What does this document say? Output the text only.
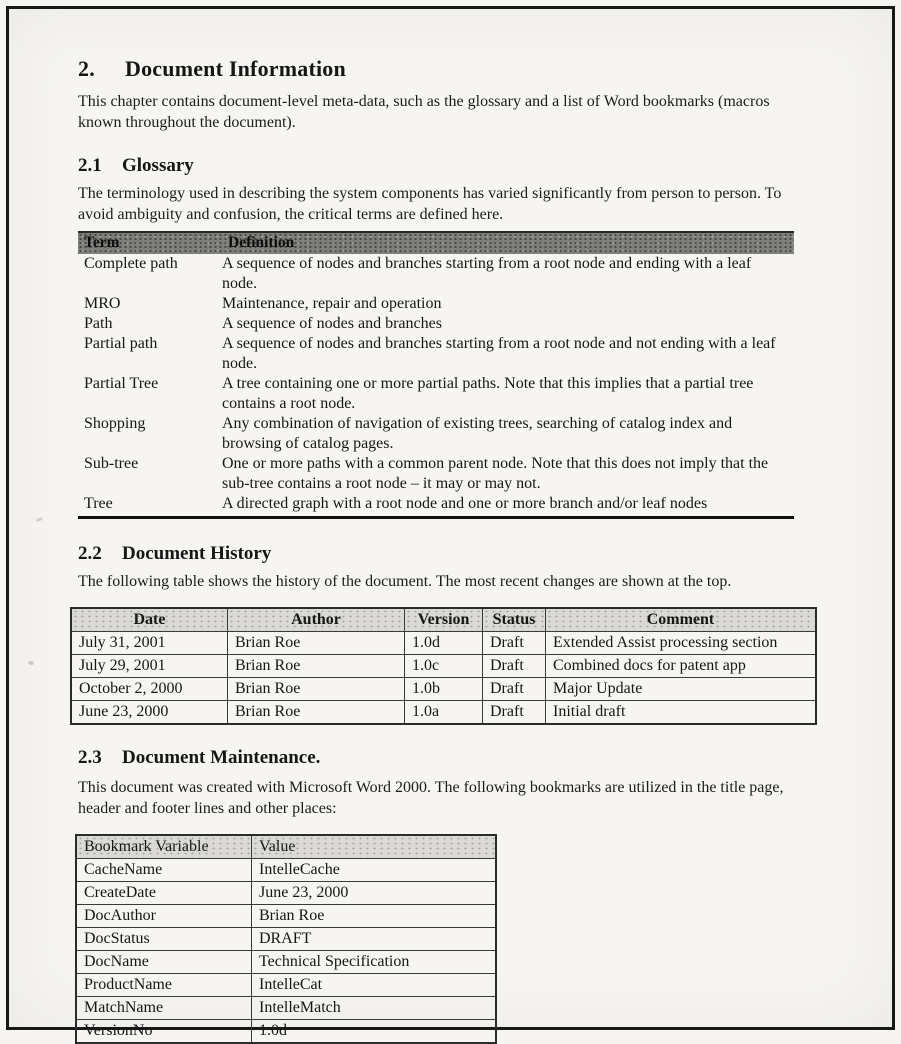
2.	Document Information

This chapter contains document-level meta-data, such as the glossary and a list of Word bookmarks (macros known throughout the document).

2.1	Glossary

The terminology used in describing the system components has varied significantly from person to person. To avoid ambiguity and confusion, the critical terms are defined here.

Term	Definition
Complete path	A sequence of nodes and branches starting from a root node and ending with a leaf node.
MRO	Maintenance, repair and operation
Path	A sequence of nodes and branches
Partial path	A sequence of nodes and branches starting from a root node and not ending with a leaf node.
Partial Tree	A tree containing one or more partial paths. Note that this implies that a partial tree contains a root node.
Shopping	Any combination of navigation of existing trees, searching of catalog index and browsing of catalog pages.
Sub-tree	One or more paths with a common parent node. Note that this does not imply that the sub-tree contains a root node – it may or may not.
Tree	A directed graph with a root node and one or more branch and/or leaf nodes
2.2	Document History

The following table shows the history of the document. The most recent changes are shown at the top.

Date	Author	Version	Status	Comment
July 31, 2001	Brian Roe	1.0d	Draft	Extended Assist processing section
July 29, 2001	Brian Roe	1.0c	Draft	Combined docs for patent app
October 2, 2000	Brian Roe	1.0b	Draft	Major Update
June 23, 2000	Brian Roe	1.0a	Draft	Initial draft
2.3	Document Maintenance.

This document was created with Microsoft Word 2000. The following bookmarks are utilized in the title page, header and footer lines and other places:

Bookmark Variable	Value
CacheName	IntelleCache
CreateDate	June 23, 2000
DocAuthor	Brian Roe
DocStatus	DRAFT
DocName	Technical Specification
ProductName	IntelleCat
MatchName	IntelleMatch
VersionNo	1.0d
